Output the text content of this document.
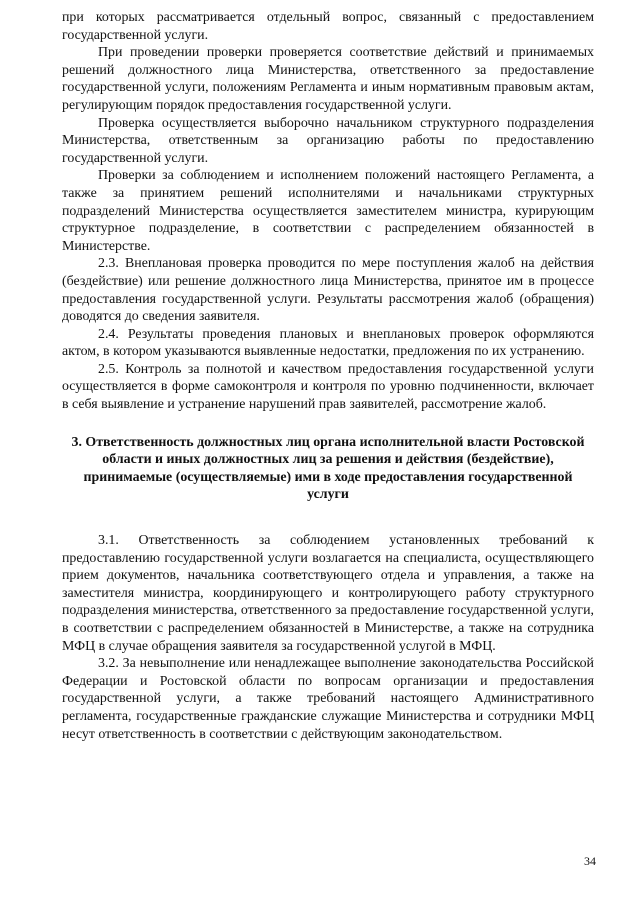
при которых рассматривается отдельный вопрос, связанный с предоставлением государственной услуги.

При проведении проверки проверяется соответствие действий и принимаемых решений должностного лица Министерства, ответственного за предоставление государственной услуги, положениям Регламента и иным нормативным правовым актам, регулирующим порядок предоставления государственной услуги.

Проверка осуществляется выборочно начальником структурного подразделения Министерства, ответственным за организацию работы по предоставлению государственной услуги.

Проверки за соблюдением и исполнением положений настоящего Регламента, а также за принятием решений исполнителями и начальниками структурных подразделений Министерства осуществляется заместителем министра, курирующим структурное подразделение, в соответствии с распределением обязанностей в Министерстве.

2.3. Внеплановая проверка проводится по мере поступления жалоб на действия (бездействие) или решение должностного лица Министерства, принятое им в процессе предоставления государственной услуги. Результаты рассмотрения жалоб (обращения) доводятся до сведения заявителя.

2.4. Результаты проведения плановых и внеплановых проверок оформляются актом, в котором указываются выявленные недостатки, предложения по их устранению.

2.5. Контроль за полнотой и качеством предоставления государственной услуги осуществляется в форме самоконтроля и контроля по уровню подчиненности, включает в себя выявление и устранение нарушений прав заявителей, рассмотрение жалоб.

3. Ответственность должностных лиц органа исполнительной власти Ростовской области и иных должностных лиц за решения и действия (бездействие), принимаемые (осуществляемые) ими в ходе предоставления государственной услуги

3.1. Ответственность за соблюдением установленных требований к предоставлению государственной услуги возлагается на специалиста, осуществляющего прием документов, начальника соответствующего отдела и управления, а также на заместителя министра, координирующего и контролирующего работу структурного подразделения министерства, ответственного за предоставление государственной услуги, в соответствии с распределением обязанностей в Министерстве, а также на сотрудника МФЦ в случае обращения заявителя за государственной услугой в МФЦ.

3.2. За невыполнение или ненадлежащее выполнение законодательства Российской Федерации и Ростовской области по вопросам организации и предоставления государственной услуги, а также требований настоящего Административного регламента, государственные гражданские служащие Министерства и сотрудники МФЦ несут ответственность в соответствии с действующим законодательством.

34
